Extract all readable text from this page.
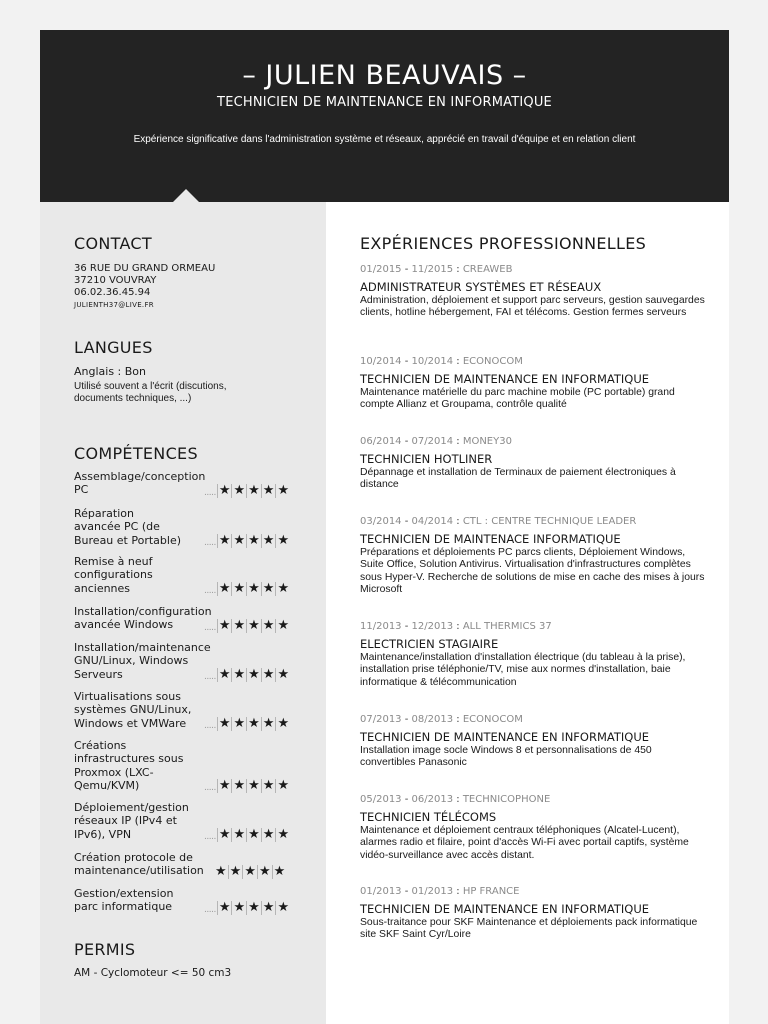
– JULIEN BEAUVAIS –
TECHNICIEN DE MAINTENANCE EN INFORMATIQUE
Expérience significative dans l'administration système et réseaux, apprécié en travail d'équipe et en relation client
CONTACT
36 RUE DU GRAND ORMEAU
37210 VOUVRAY
06.02.36.45.94
JULIENTH37@LIVE.FR
LANGUES
Anglais : Bon
Utilisé souvent a l'écrit (discutions, documents techniques, ...)
COMPÉTENCES
Assemblage/conception PC	..... ★ ★ ★ ★ ★
Réparation avancée PC (de Bureau et Portable)	..... ★ ★ ★ ★ ★
Remise à neuf configurations anciennes	..... ★ ★ ★ ★ ★
Installation/configuration avancée Windows	..... ★ ★ ★ ★ ★
Installation/maintenance GNU/Linux, Windows Serveurs	..... ★ ★ ★ ★ ★
Virtualisations sous systèmes GNU/Linux, Windows et VMWare	..... ★ ★ ★ ★ ★
Créations infrastructures sous Proxmox (LXC-Qemu/KVM)	..... ★ ★ ★ ★ ★
Déploiement/gestion réseaux IP (IPv4 et IPv6), VPN	..... ★ ★ ★ ★ ★
Création protocole de maintenance/utilisation ★ ★ ★ ★ ★
Gestion/extension parc informatique	..... ★ ★ ★ ★ ★
PERMIS
AM - Cyclomoteur <= 50 cm3
EXPÉRIENCES PROFESSIONNELLES
01/2015 - 11/2015 : CREAWEB
ADMINISTRATEUR SYSTÈMES ET RÉSEAUX
Administration, déploiement et support parc serveurs, gestion sauvegardes clients, hotline hébergement, FAI et télécoms. Gestion fermes serveurs
10/2014 - 10/2014 : ECONOCOM
TECHNICIEN DE MAINTENANCE EN INFORMATIQUE
Maintenance matérielle du parc machine mobile (PC portable) grand compte Allianz et Groupama, contrôle qualité
06/2014 - 07/2014 : MONEY30
TECHNICIEN HOTLINER
Dépannage et installation de Terminaux de paiement électroniques à distance
03/2014 - 04/2014 : CTL : CENTRE TECHNIQUE LEADER
TECHNICIEN DE MAINTENACE INFORMATIQUE
Préparations et déploiements PC parcs clients, Déploiement Windows, Suite Office, Solution Antivirus. Virtualisation d'infrastructures complètes sous Hyper-V. Recherche de solutions de mise en cache des mises à jours Microsoft
11/2013 - 12/2013 : ALL THERMICS 37
ELECTRICIEN STAGIAIRE
Maintenance/installation d'installation électrique (du tableau à la prise), installation prise téléphonie/TV, mise aux normes d'installation, baie informatique & télécommunication
07/2013 - 08/2013 : ECONOCOM
TECHNICIEN DE MAINTENANCE EN INFORMATIQUE
Installation image socle Windows 8 et personnalisations de 450 convertibles Panasonic
05/2013 - 06/2013 : TECHNICOPHONE
TECHNICIEN TÉLÉCOMS
Maintenance et déploiement centraux téléphoniques (Alcatel-Lucent), alarmes radio et filaire, point d'accès Wi-Fi avec portail captifs, système vidéo-surveillance avec accès distant.
01/2013 - 01/2013 : HP FRANCE
TECHNICIEN DE MAINTENANCE EN INFORMATIQUE
Sous-traitance pour SKF Maintenance et déploiements pack informatique site SKF Saint Cyr/Loire
